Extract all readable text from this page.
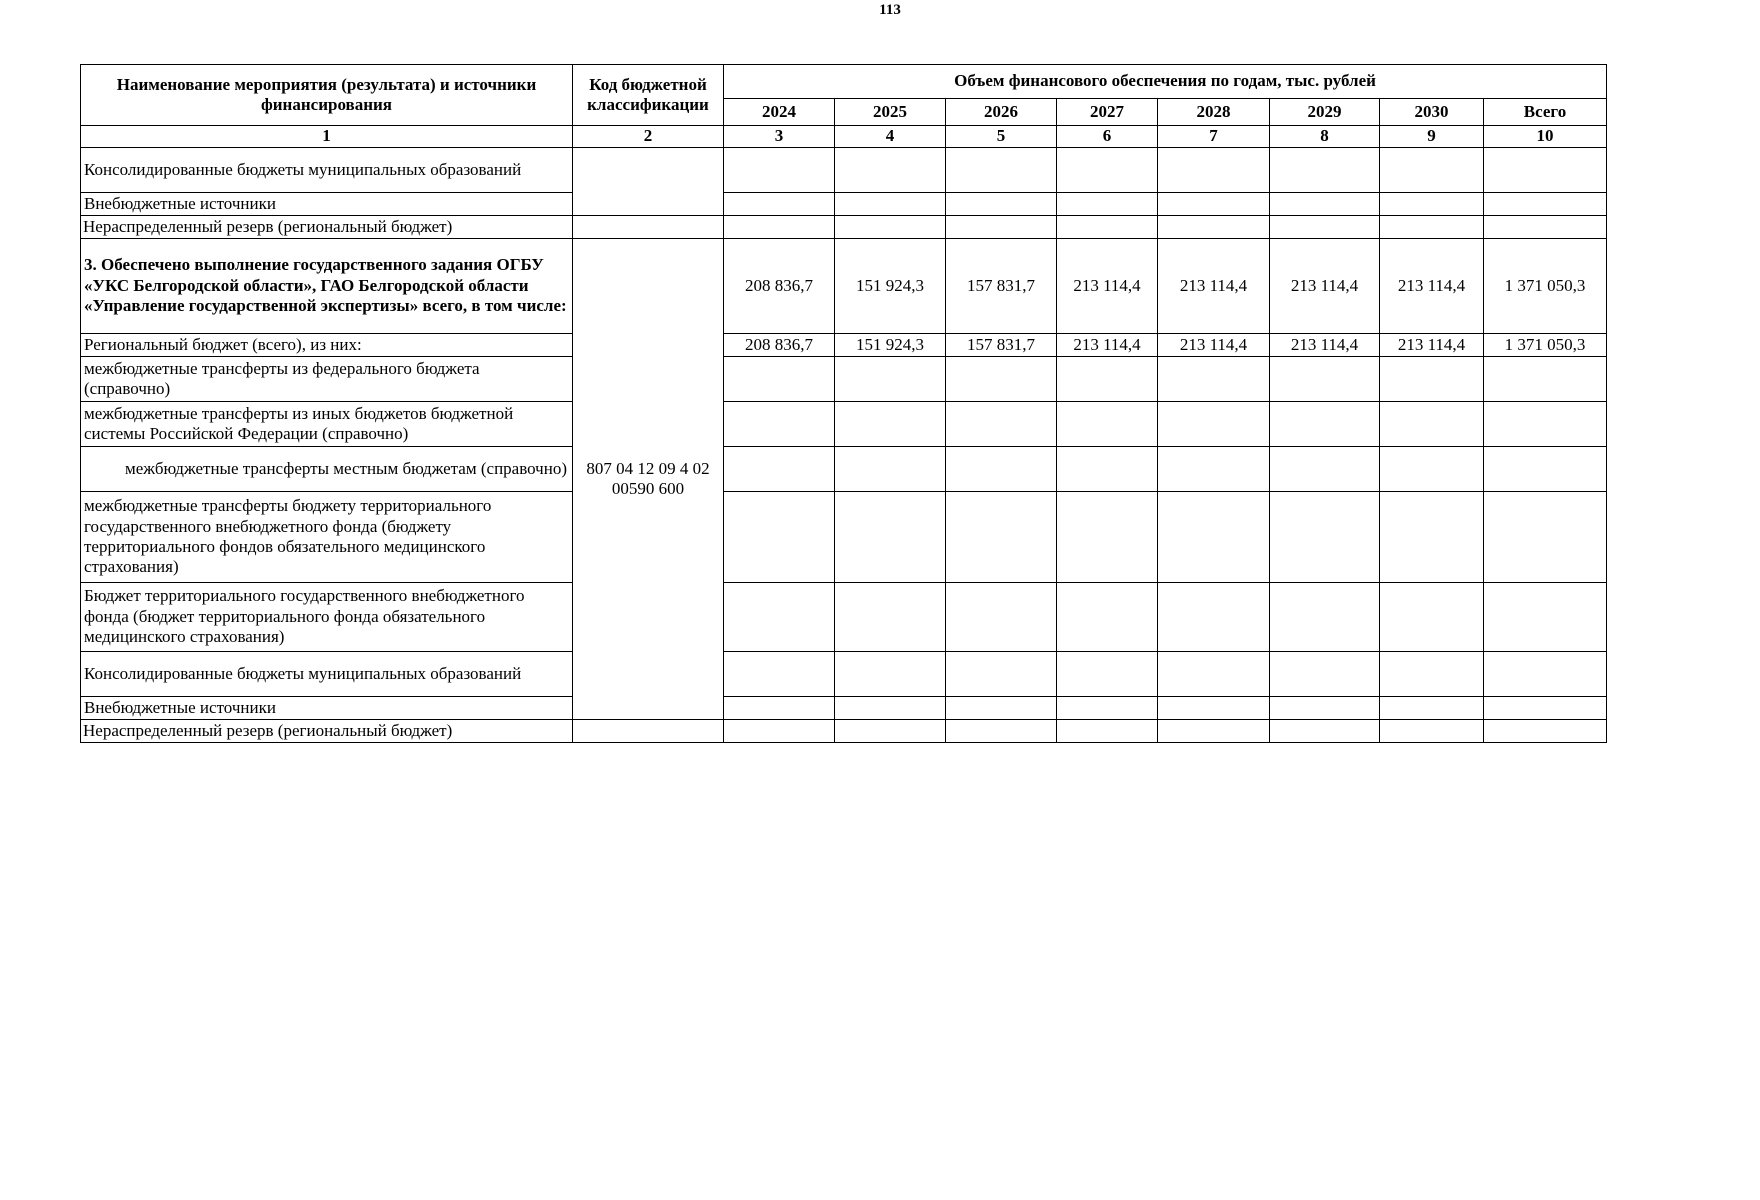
113
Наименование мероприятия (результата) и источники финансирования	Код бюджетной классификации	Объем финансового обеспечения по годам, тыс. рублей							
		2024	2025	2026	2027	2028	2029	2030	Всего
1	2	3	4	5	6	7	8	9	10
Консолидированные бюджеты муниципальных образований									
Внебюджетные источники									
Нераспределенный резерв (региональный бюджет)									
3. Обеспечено выполнение государственного задания ОГБУ «УКС Белгородской области», ГАО Белгородской области «Управление государственной экспертизы» всего, в том числе:	807 04 12 09 4 02 00590 600	208 836,7	151 924,3	157 831,7	213 114,4	213 114,4	213 114,4	213 114,4	1 371 050,3
Региональный бюджет (всего), из них:		208 836,7	151 924,3	157 831,7	213 114,4	213 114,4	213 114,4	213 114,4	1 371 050,3
межбюджетные трансферты из федерального бюджета (справочно)									
межбюджетные трансферты из иных бюджетов бюджетной системы Российской Федерации (справочно)									
межбюджетные трансферты местным бюджетам (справочно)									
межбюджетные трансферты бюджету территориального государственного внебюджетного фонда (бюджету территориального фондов обязательного медицинского страхования)									
Бюджет территориального государственного внебюджетного фонда (бюджет территориального фонда обязательного медицинского страхования)									
Консолидированные бюджеты муниципальных образований									
Внебюджетные источники									
Нераспределенный резерв (региональный бюджет)									
